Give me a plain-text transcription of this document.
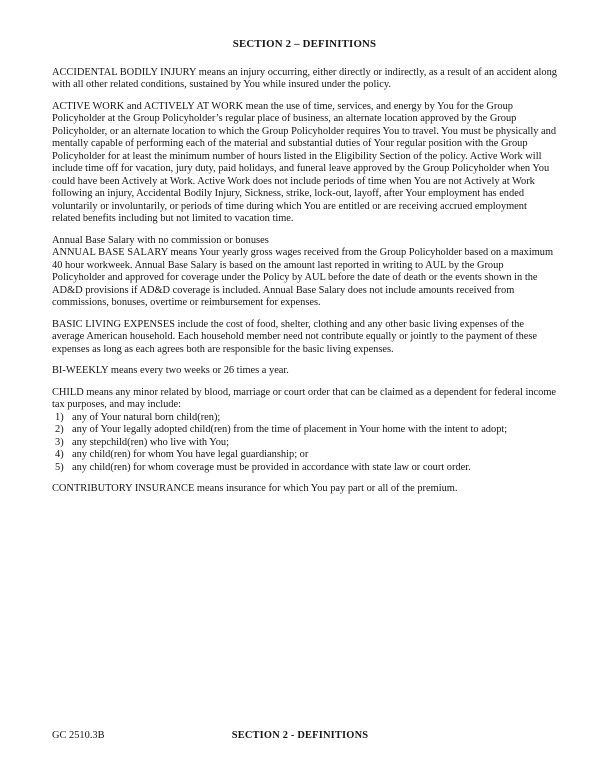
SECTION 2 – DEFINITIONS

ACCIDENTAL BODILY INJURY means an injury occurring, either directly or indirectly, as a result of an accident along with all other related conditions, sustained by You while insured under the policy.

ACTIVE WORK and ACTIVELY AT WORK mean the use of time, services, and energy by You for the Group Policyholder at the Group Policyholder’s regular place of business, an alternate location approved by the Group Policyholder, or an alternate location to which the Group Policyholder requires You to travel. You must be physically and mentally capable of performing each of the material and substantial duties of Your regular position with the Group Policyholder for at least the minimum number of hours listed in the Eligibility Section of the policy. Active Work will include time off for vacation, jury duty, paid holidays, and funeral leave approved by the Group Policyholder when You could have been Actively at Work. Active Work does not include periods of time when You are not Actively at Work following an injury, Accidental Bodily Injury, Sickness, strike, lock-out, layoff, after Your employment has ended voluntarily or involuntarily, or periods of time during which You are entitled or are receiving accrued employment related benefits including but not limited to vacation time.

Annual Base Salary with no commission or bonuses

ANNUAL BASE SALARY means Your yearly gross wages received from the Group Policyholder based on a maximum 40 hour workweek. Annual Base Salary is based on the amount last reported in writing to AUL by the Group Policyholder and approved for coverage under the Policy by AUL before the date of death or the events shown in the AD&D provisions if AD&D coverage is included. Annual Base Salary does not include amounts received from commissions, bonuses, overtime or reimbursement for expenses.

BASIC LIVING EXPENSES include the cost of food, shelter, clothing and any other basic living expenses of the average American household. Each household member need not contribute equally or jointly to the payment of these expenses as long as each agrees both are responsible for the basic living expenses.

BI-WEEKLY means every two weeks or 26 times a year.

CHILD means any minor related by blood, marriage or court order that can be claimed as a dependent for federal income tax purposes, and may include:

1) any of Your natural born child(ren);
2) any of Your legally adopted child(ren) from the time of placement in Your home with the intent to adopt;
3) any stepchild(ren) who live with You;
4) any child(ren) for whom You have legal guardianship; or
5) any child(ren) for whom coverage must be provided in accordance with state law or court order.

CONTRIBUTORY INSURANCE means insurance for which You pay part or all of the premium.

GC 2510.3B	SECTION 2 - DEFINITIONS
